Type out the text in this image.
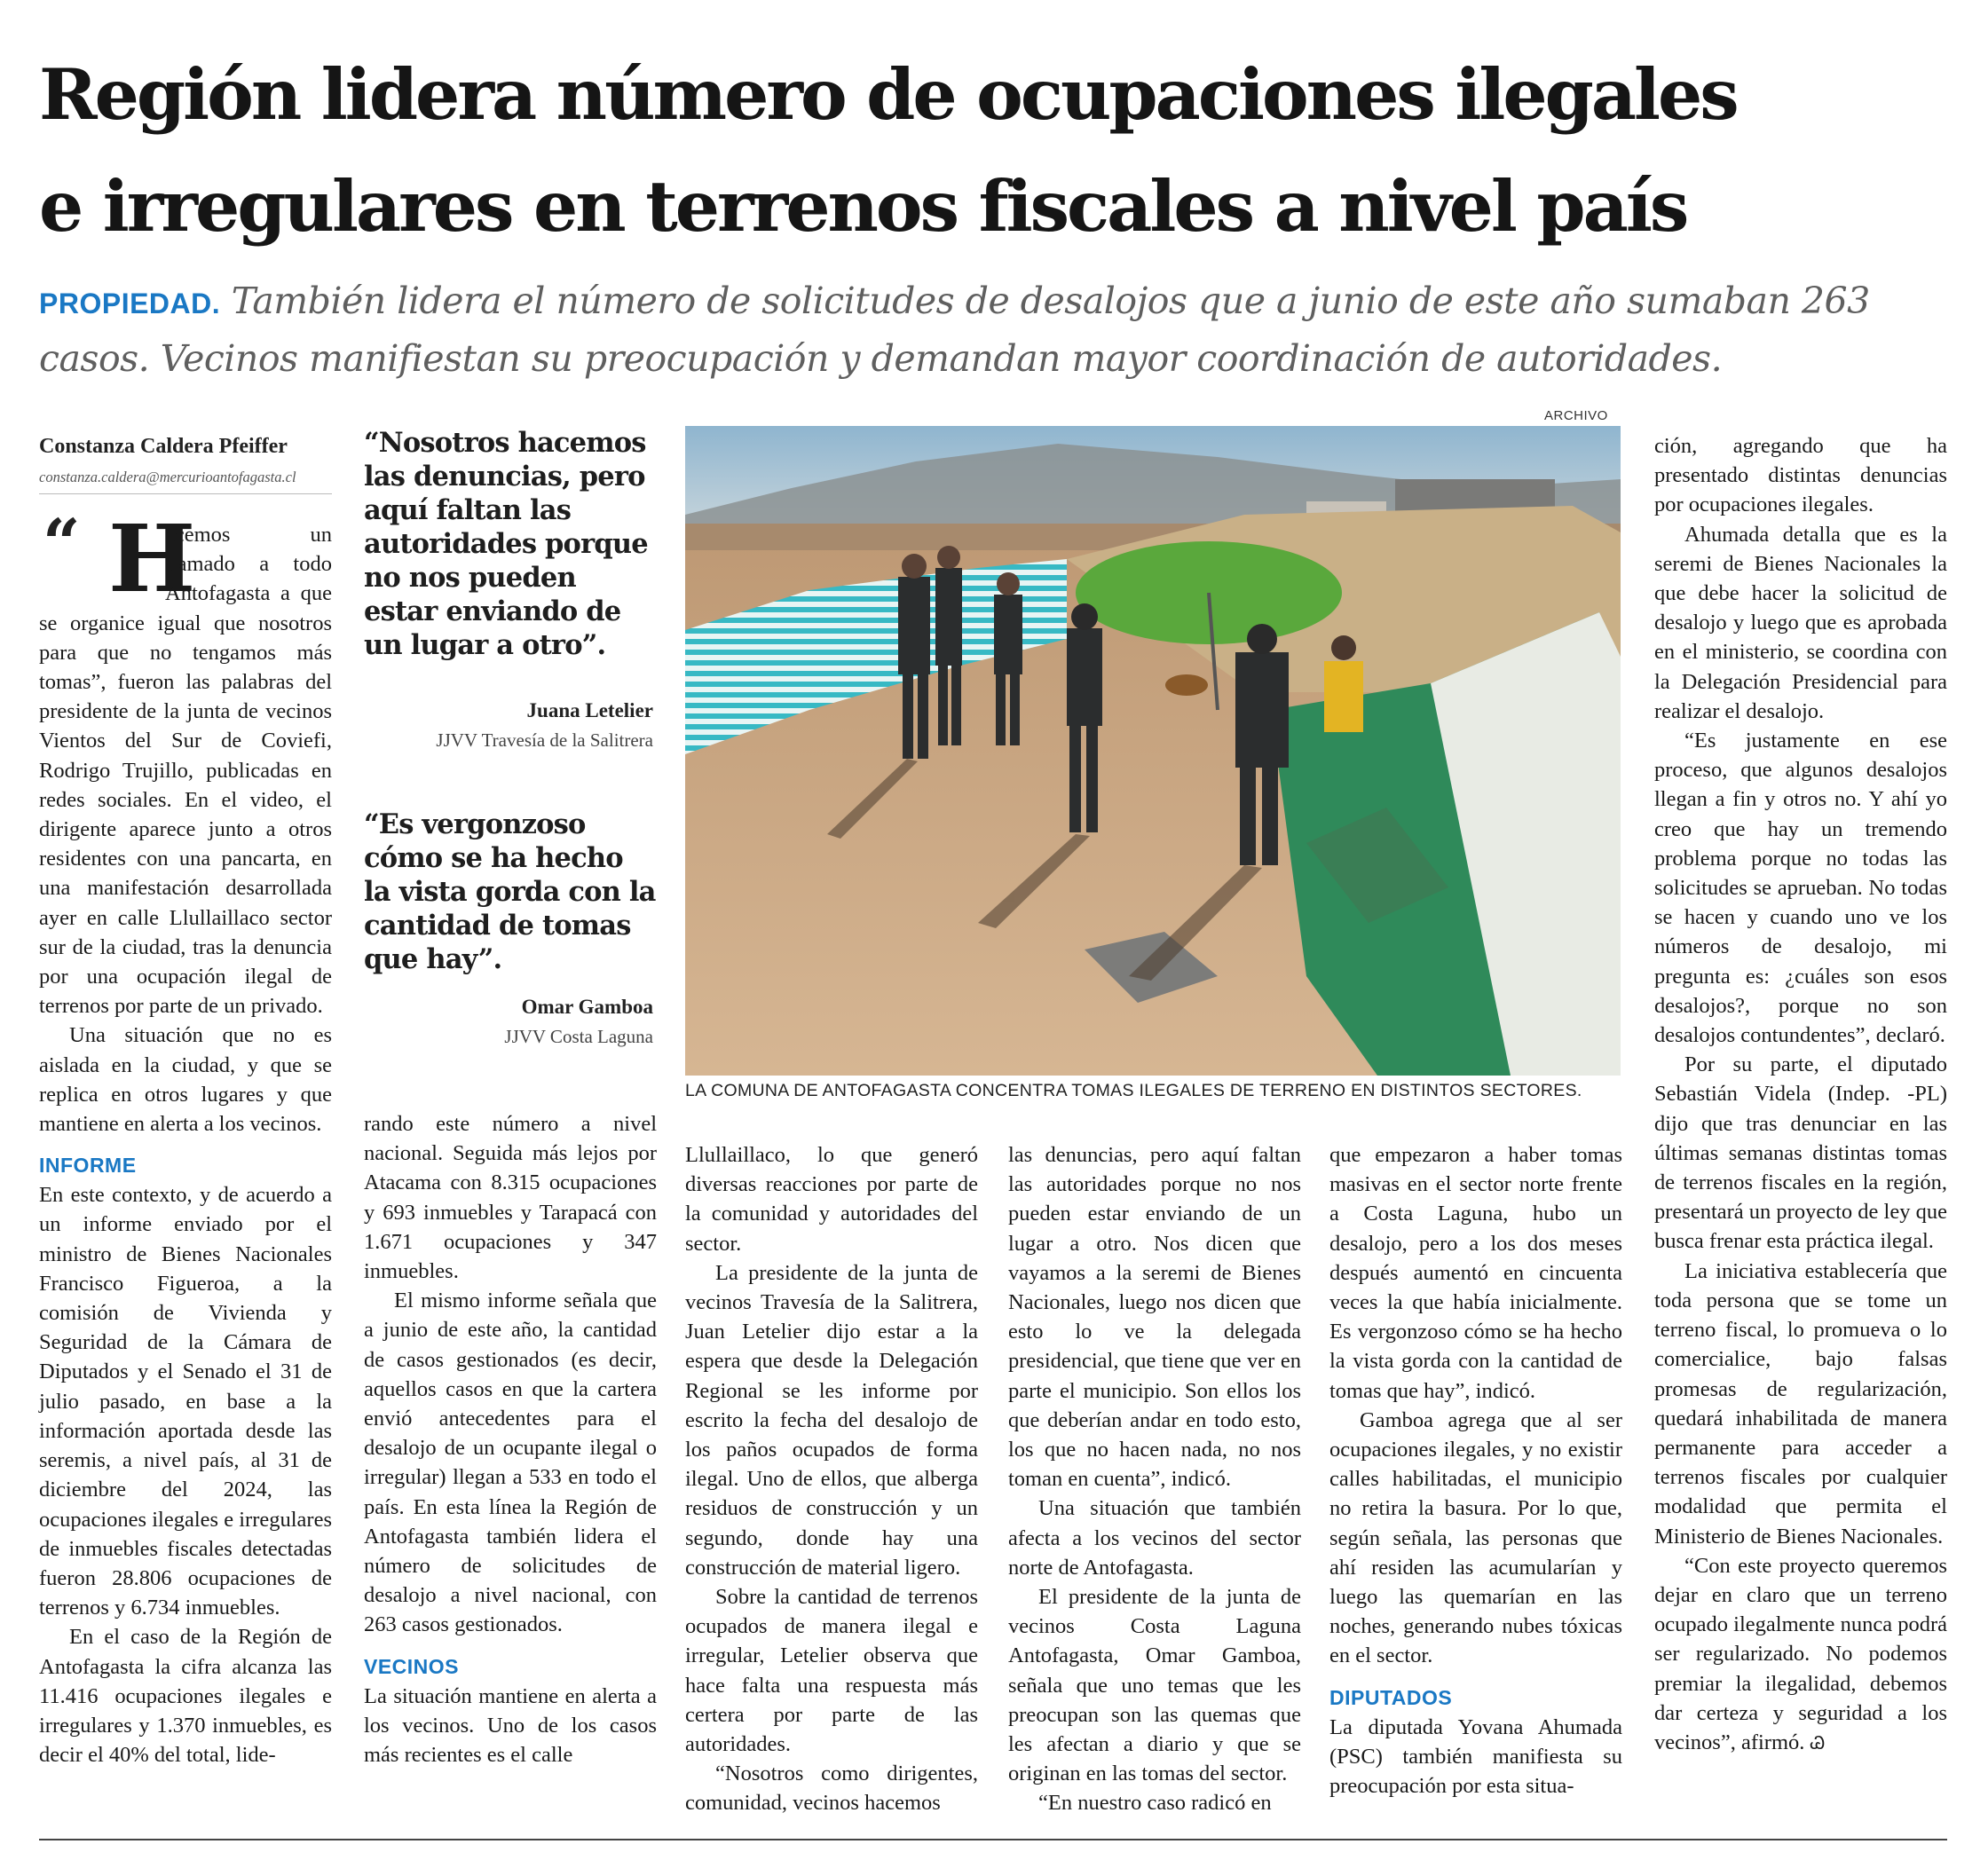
Región lidera número de ocupaciones ilegales
e irregulares en terrenos fiscales a nivel país
PROPIEDAD. También lidera el número de solicitudes de desalojos que a junio de este año sumaban 263 casos. Vecinos manifiestan su preocupación y demandan mayor coordinación de autoridades.
Constanza Caldera Pfeiffer
constanza.caldera@mercurioantofagasta.cl
“ H

acemos un llamado a todo Antofagasta a que se organice igual que nosotros para que no tengamos más tomas”, fueron las palabras del presidente de la junta de vecinos Vientos del Sur de Coviefi, Rodrigo Trujillo, publicadas en redes sociales. En el video, el dirigente aparece junto a otros residentes con una pancarta, en una manifestación desarrollada ayer en calle Llullaillaco sector sur de la ciudad, tras la denuncia por una ocupación ilegal de terrenos por parte de un privado.

Una situación que no es aislada en la ciudad, y que se replica en otros lugares y que mantiene en alerta a los vecinos.

INFORME

En este contexto, y de acuerdo a un informe enviado por el ministro de Bienes Nacionales Francisco Figueroa, a la comisión de Vivienda y Seguridad de la Cámara de Diputados y el Senado el 31 de julio pasado, en base a la información aportada desde las seremis, a nivel país, al 31 de diciembre del 2024, las ocupaciones ilegales e irregulares de inmuebles fiscales detectadas fueron 28.806 ocupaciones de terrenos y 6.734 inmuebles.

En el caso de la Región de Antofagasta la cifra alcanza las 11.416 ocupaciones ilegales e irregulares y 1.370 inmuebles, es decir el 40% del total, lide-

“Nosotros hacemos las denuncias, pero aquí faltan las autoridades porque no nos pueden estar enviando de un lugar a otro”.
Juana Letelier
JJVV Travesía de la Salitrera
“Es vergonzoso cómo se ha hecho la vista gorda con la cantidad de tomas que hay”.
Omar Gamboa
JJVV Costa Laguna

rando este número a nivel nacional. Seguida más lejos por Atacama con 8.315 ocupaciones y 693 inmuebles y Tarapacá con 1.671 ocupaciones y 347 inmuebles.

El mismo informe señala que a junio de este año, la cantidad de casos gestionados (es decir, aquellos casos en que la cartera envió antecedentes para el desalojo de un ocupante ilegal o irregular) llegan a 533 en todo el país. En esta línea la Región de Antofagasta también lidera el número de solicitudes de desalojo a nivel nacional, con 263 casos gestionados.

VECINOS

La situación mantiene en alerta a los vecinos. Uno de los casos más recientes es el calle

ARCHIVO
LA COMUNA DE ANTOFAGASTA CONCENTRA TOMAS ILEGALES DE TERRENO EN DISTINTOS SECTORES.

Llullaillaco, lo que generó diversas reacciones por parte de la comunidad y autoridades del sector.

La presidente de la junta de vecinos Travesía de la Salitrera, Juan Letelier dijo estar a la espera que desde la Delegación Regional se les informe por escrito la fecha del desalojo de los paños ocupados de forma ilegal. Uno de ellos, que alberga residuos de construcción y un segundo, donde hay una construcción de material ligero.

Sobre la cantidad de terrenos ocupados de manera ilegal e irregular, Letelier observa que hace falta una respuesta más certera por parte de las autoridades.

“Nosotros como dirigentes, comunidad, vecinos hacemos

las denuncias, pero aquí faltan las autoridades porque no nos pueden estar enviando de un lugar a otro. Nos dicen que vayamos a la seremi de Bienes Nacionales, luego nos dicen que esto lo ve la delegada presidencial, que tiene que ver en parte el municipio. Son ellos los que deberían andar en todo esto, los que no hacen nada, no nos toman en cuenta”, indicó.

Una situación que también afecta a los vecinos del sector norte de Antofagasta.

El presidente de la junta de vecinos Costa Laguna Antofagasta, Omar Gamboa, señala que uno temas que les preocupan son las quemas que les afectan a diario y que se originan en las tomas del sector.

“En nuestro caso radicó en

que empezaron a haber tomas masivas en el sector norte frente a Costa Laguna, hubo un desalojo, pero a los dos meses después aumentó en cincuenta veces la que había inicialmente. Es vergonzoso cómo se ha hecho la vista gorda con la cantidad de tomas que hay”, indicó.

Gamboa agrega que al ser ocupaciones ilegales, y no existir calles habilitadas, el municipio no retira la basura. Por lo que, según señala, las personas que ahí residen las acumularían y luego las quemarían en las noches, generando nubes tóxicas en el sector.

DIPUTADOS

La diputada Yovana Ahumada (PSC) también manifiesta su preocupación por esta situa-

ción, agregando que ha presentado distintas denuncias por ocupaciones ilegales.

Ahumada detalla que es la seremi de Bienes Nacionales la que debe hacer la solicitud de desalojo y luego que es aprobada en el ministerio, se coordina con la Delegación Presidencial para realizar el desalojo.

“Es justamente en ese proceso, que algunos desalojos llegan a fin y otros no. Y ahí yo creo que hay un tremendo problema porque no todas las solicitudes se aprueban. No todas se hacen y cuando uno ve los números de desalojo, mi pregunta es: ¿cuáles son esos desalojos?, porque no son desalojos contundentes”, declaró.

Por su parte, el diputado Sebastián Videla (Indep. -PL) dijo que tras denunciar en las últimas semanas distintas tomas de terrenos fiscales en la región, presentará un proyecto de ley que busca frenar esta práctica ilegal.

La iniciativa establecería que toda persona que se tome un terreno fiscal, lo promueva o lo comercialice, bajo falsas promesas de regularización, quedará inhabilitada de manera permanente para acceder a terrenos fiscales por cualquier modalidad que permita el Ministerio de Bienes Nacionales.

“Con este proyecto queremos dejar en claro que un terreno ocupado ilegalmente nunca podrá ser regularizado. No podemos premiar la ilegalidad, debemos dar certeza y seguridad a los vecinos”, afirmó. Ꮚ
